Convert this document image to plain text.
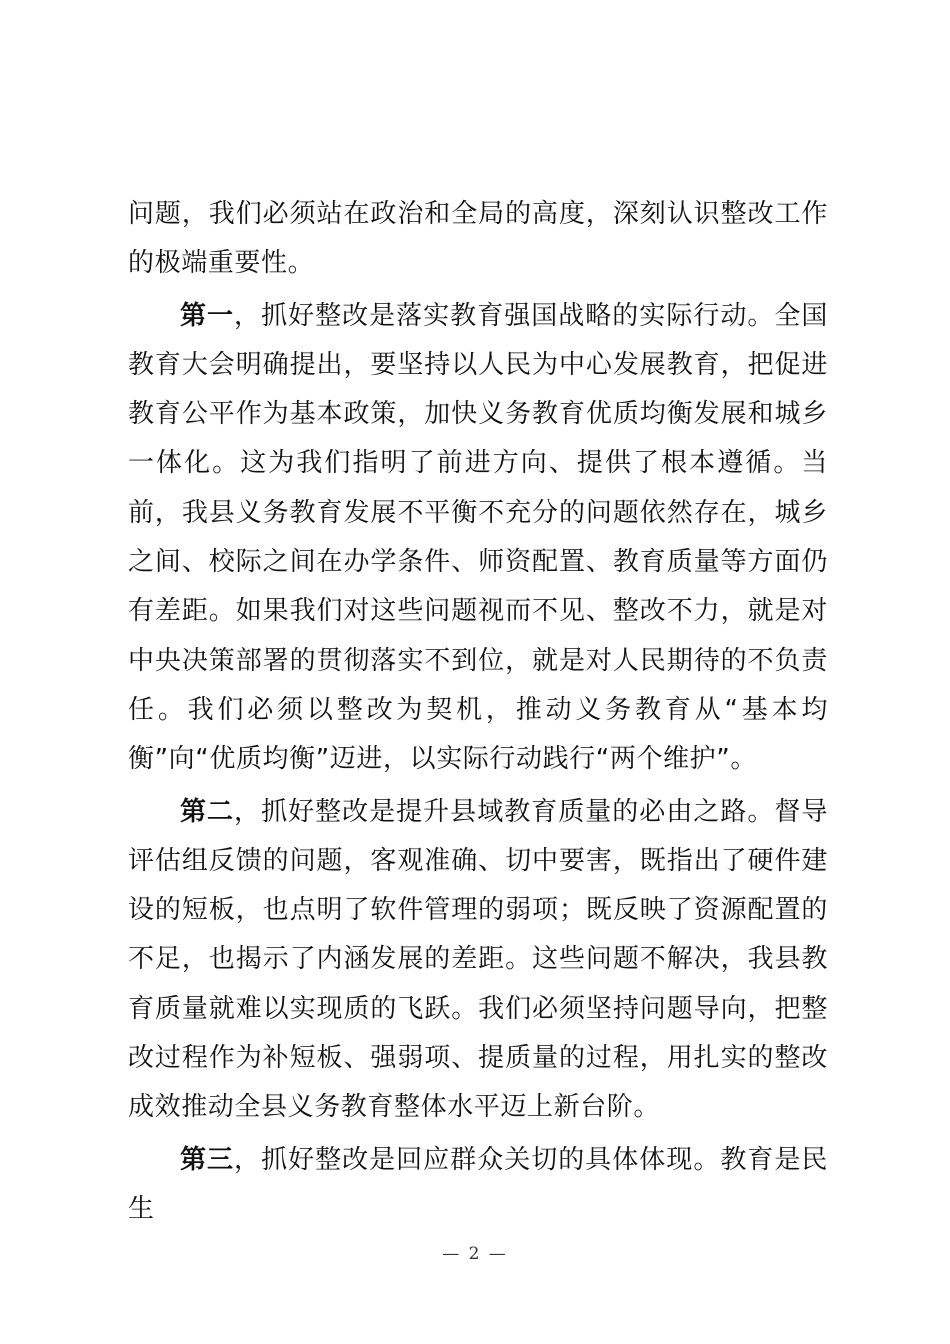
问题，我们必须站在政治和全局的高度，深刻认识整改工作的极端重要性。

第一，抓好整改是落实教育强国战略的实际行动。全国教育大会明确提出，要坚持以人民为中心发展教育，把促进教育公平作为基本政策，加快义务教育优质均衡发展和城乡一体化。这为我们指明了前进方向、提供了根本遵循。当前，我县义务教育发展不平衡不充分的问题依然存在，城乡之间、校际之间在办学条件、师资配置、教育质量等方面仍有差距。如果我们对这些问题视而不见、整改不力，就是对中央决策部署的贯彻落实不到位，就是对人民期待的不负责任。我们必须以整改为契机，推动义务教育从“基本均衡”向“优质均衡”迈进，以实际行动践行“两个维护”。

第二，抓好整改是提升县域教育质量的必由之路。督导评估组反馈的问题，客观准确、切中要害，既指出了硬件建设的短板，也点明了软件管理的弱项；既反映了资源配置的不足，也揭示了内涵发展的差距。这些问题不解决，我县教育质量就难以实现质的飞跃。我们必须坚持问题导向，把整改过程作为补短板、强弱项、提质量的过程，用扎实的整改成效推动全县义务教育整体水平迈上新台阶。

第三，抓好整改是回应群众关切的具体体现。教育是民生

— 2 —
